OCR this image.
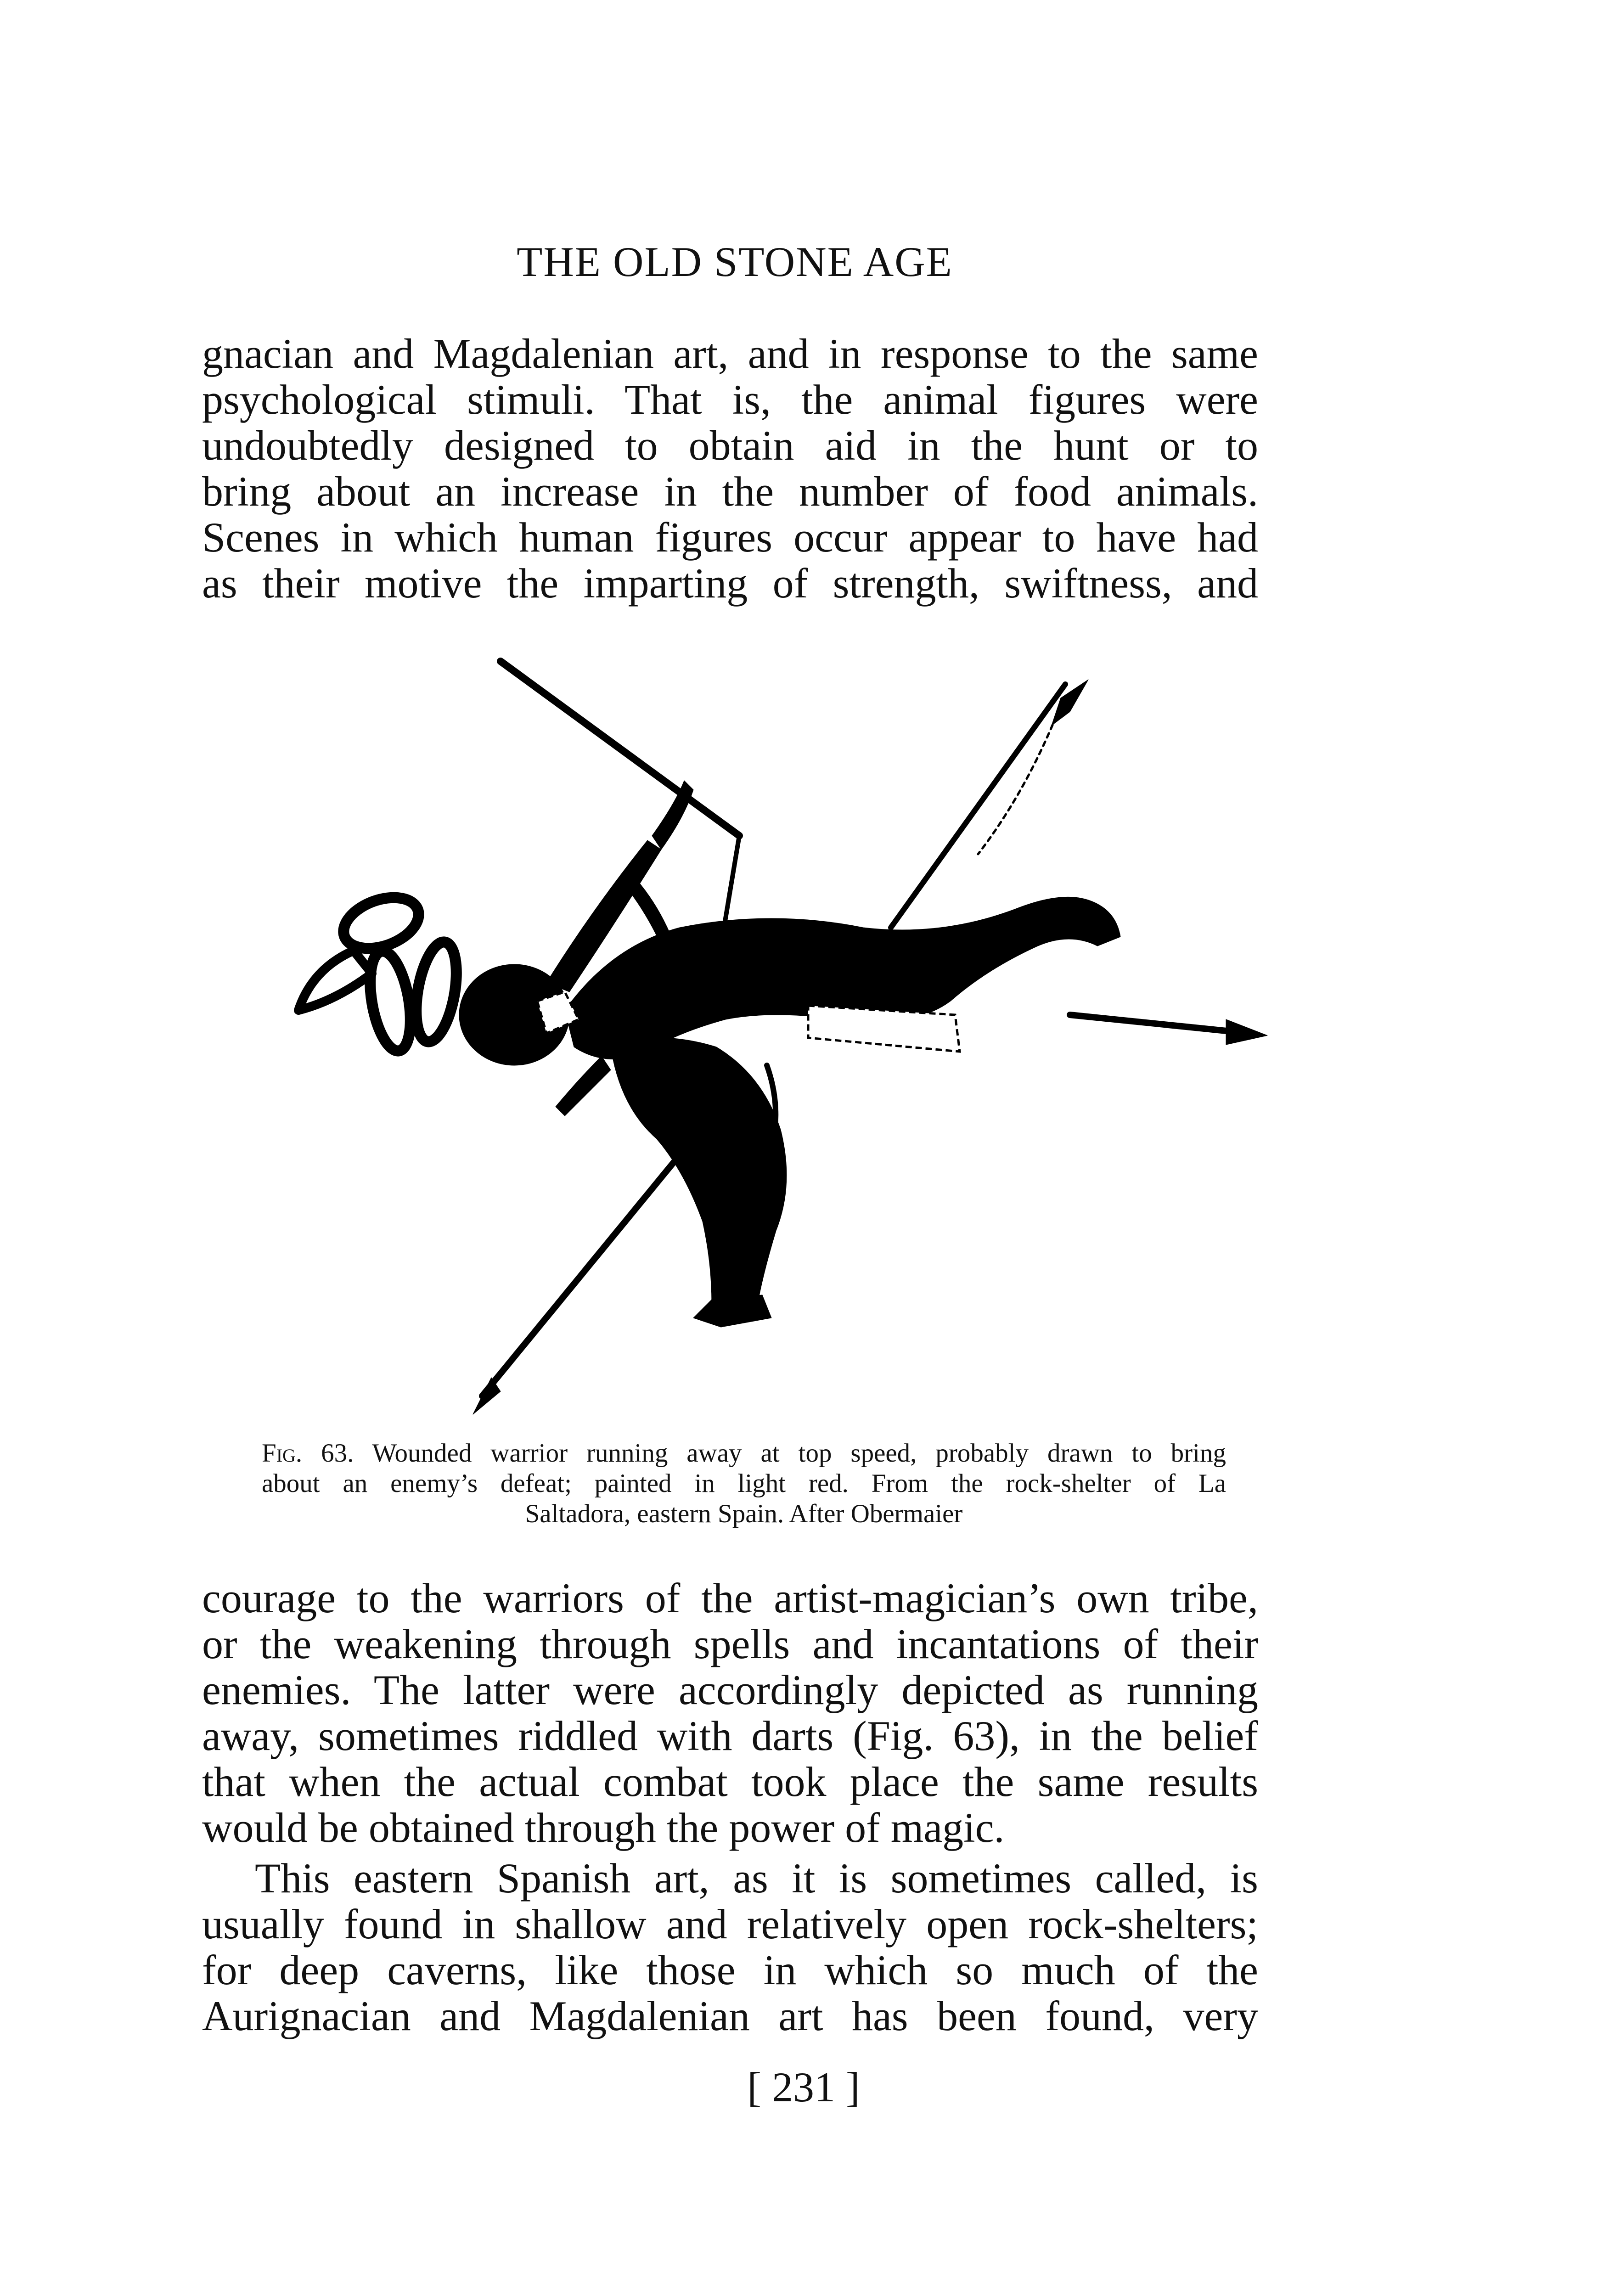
THE OLD STONE AGE
gnacian and Magdalenian art, and in response to the same
psychological stimuli. That is, the animal figures were
undoubtedly designed to obtain aid in the hunt or to
bring about an increase in the number of food animals.
Scenes in which human figures occur appear to have had
as their motive the imparting of strength, swiftness, and
Fig. 63. Wounded warrior running away at top speed, probably drawn to bring
about an enemy’s defeat; painted in light red. From the rock-shelter of La
Saltadora, eastern Spain. After Obermaier
courage to the warriors of the artist-magician’s own tribe,
or the weakening through spells and incantations of their
enemies. The latter were accordingly depicted as running
away, sometimes riddled with darts (Fig. 63), in the belief
that when the actual combat took place the same results
would be obtained through the power of magic.
This eastern Spanish art, as it is sometimes called, is
usually found in shallow and relatively open rock-shelters;
for deep caverns, like those in which so much of the
Aurignacian and Magdalenian art has been found, very
[ 231 ]
